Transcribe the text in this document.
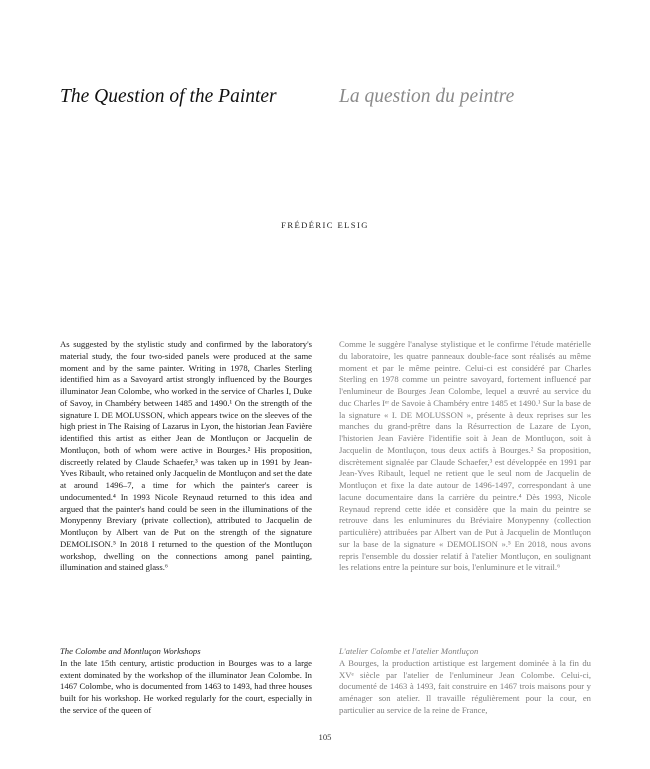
The Question of the Painter	La question du peintre
FRÉDÉRIC ELSIG

As suggested by the stylistic study and confirmed by the laboratory's material study, the four two-sided panels were produced at the same moment and by the same painter. Writing in 1978, Charles Sterling identified him as a Savoyard artist strongly influenced by the Bourges illuminator Jean Colombe, who worked in the service of Charles I, Duke of Savoy, in Chambéry between 1485 and 1490.¹ On the strength of the signature I. DE MOLUSSON, which appears twice on the sleeves of the high priest in The Raising of Lazarus in Lyon, the historian Jean Favière identified this artist as either Jean de Montluçon or Jacquelin de Montluçon, both of whom were active in Bourges.² His proposition, discreetly related by Claude Schaefer,³ was taken up in 1991 by Jean-Yves Ribault, who retained only Jacquelin de Montluçon and set the date at around 1496–7, a time for which the painter's career is undocumented.⁴ In 1993 Nicole Reynaud returned to this idea and argued that the painter's hand could be seen in the illuminations of the Monypenny Breviary (private collection), attributed to Jacquelin de Montluçon by Albert van de Put on the strength of the signature DEMOLISON.⁵ In 2018 I returned to the question of the Montluçon workshop, dwelling on the connections among panel painting, illumination and stained glass.⁶

Comme le suggère l'analyse stylistique et le confirme l'étude matérielle du laboratoire, les quatre panneaux double-face sont réalisés au même moment et par le même peintre. Celui-ci est considéré par Charles Sterling en 1978 comme un peintre savoyard, fortement influencé par l'enlumineur de Bourges Jean Colombe, lequel a œuvré au service du duc Charles Iᵉʳ de Savoie à Chambéry entre 1485 et 1490.¹ Sur la base de la signature « I. DE MOLUSSON », présente à deux reprises sur les manches du grand-prêtre dans la Résurrection de Lazare de Lyon, l'historien Jean Favière l'identifie soit à Jean de Montluçon, soit à Jacquelin de Montluçon, tous deux actifs à Bourges.² Sa proposition, discrètement signalée par Claude Schaefer,³ est développée en 1991 par Jean-Yves Ribault, lequel ne retient que le seul nom de Jacquelin de Montluçon et fixe la date autour de 1496-1497, correspondant à une lacune documentaire dans la carrière du peintre.⁴ Dès 1993, Nicole Reynaud reprend cette idée et considère que la main du peintre se retrouve dans les enluminures du Bréviaire Monypenny (collection particulière) attribuées par Albert van de Put à Jacquelin de Montluçon sur la base de la signature « DEMOLISON ».⁵ En 2018, nous avons repris l'ensemble du dossier relatif à l'atelier Montluçon, en soulignant les relations entre la peinture sur bois, l'enluminure et le vitrail.⁶

The Colombe and Montluçon Workshops

In the late 15th century, artistic production in Bourges was to a large extent dominated by the workshop of the illuminator Jean Colombe. In 1467 Colombe, who is documented from 1463 to 1493, had three houses built for his workshop. He worked regularly for the court, especially in the service of the queen of

L'atelier Colombe et l'atelier Montluçon

A Bourges, la production artistique est largement dominée à la fin du XVᵉ siècle par l'atelier de l'enlumineur Jean Colombe. Celui-ci, documenté de 1463 à 1493, fait construire en 1467 trois maisons pour y aménager son atelier. Il travaille régulièrement pour la cour, en particulier au service de la reine de France,

105
